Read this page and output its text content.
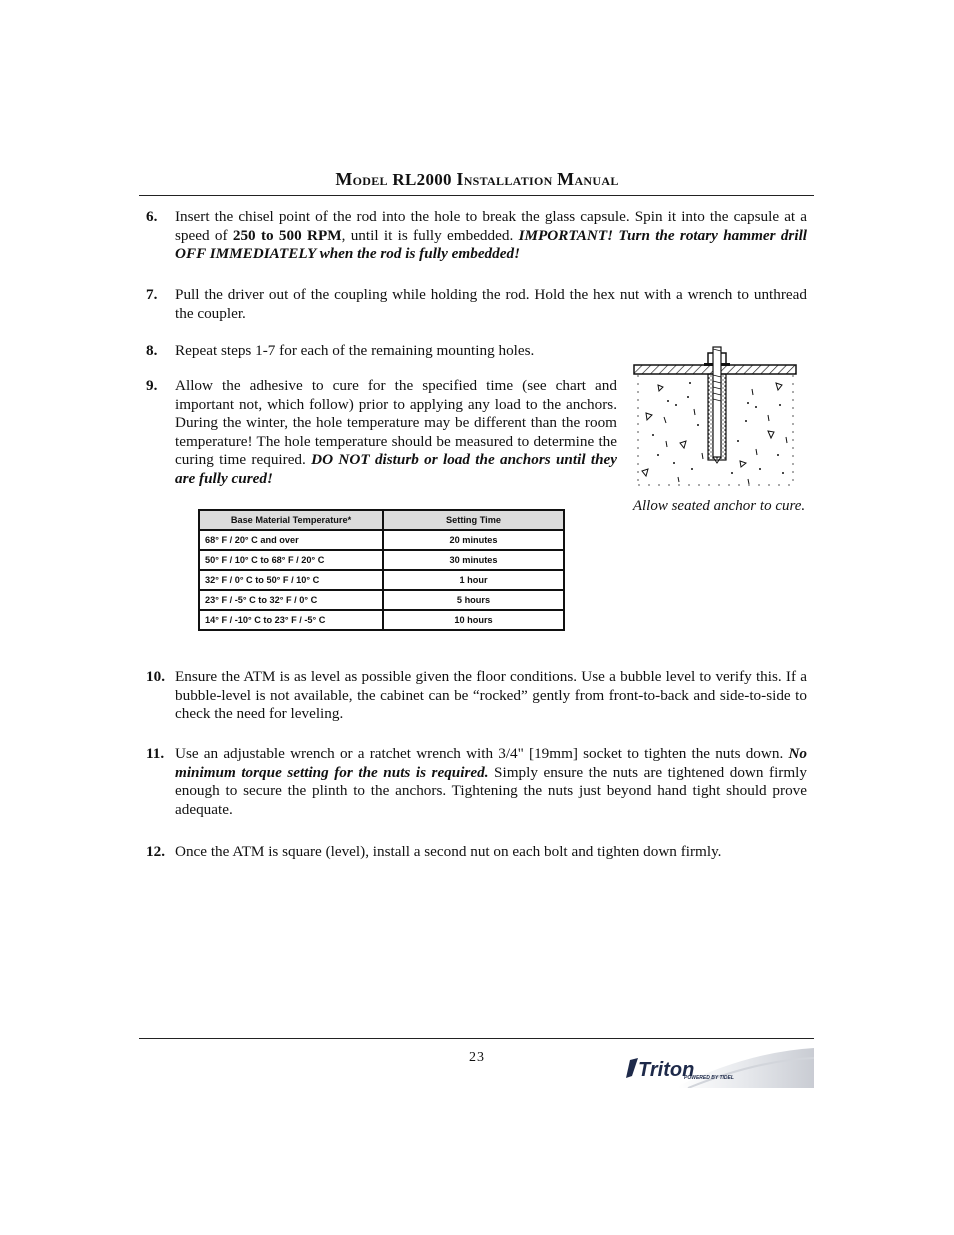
Model RL2000 Installation Manual
6. Insert the chisel point of the rod into the hole to break the glass capsule. Spin it into the capsule at a speed of 250 to 500 RPM, until it is fully embedded. IMPORTANT! Turn the rotary hammer drill OFF IMMEDIATELY when the rod is fully embedded!
7. Pull the driver out of the coupling while holding the rod. Hold the hex nut with a wrench to unthread the coupler.
8. Repeat steps 1-7 for each of the remaining mounting holes.
9. Allow the adhesive to cure for the specified time (see chart and important not, which follow) prior to applying any load to the anchors. During the winter, the hole temperature may be different than the room temperature! The hole temperature should be measured to determine the curing time required. DO NOT disturb or load the anchors until they are fully cured!
10. Ensure the ATM is as level as possible given the floor conditions. Use a bubble level to verify this. If a bubble-level is not available, the cabinet can be “rocked” gently from front-to-back and side-to-side to check the need for leveling.
11. Use an adjustable wrench or a ratchet wrench with 3/4" [19mm] socket to tighten the nuts down. No minimum torque setting for the nuts is required. Simply ensure the nuts are tightened down firmly enough to secure the plinth to the anchors. Tightening the nuts just beyond hand tight should prove adequate.
12. Once the ATM is square (level), install a second nut on each bolt and tighten down firmly.
Allow seated anchor to cure.
Base Material Temperature*	Setting Time
68° F / 20° C and over	20 minutes
50° F / 10° C to 68° F / 20° C	30 minutes
32° F / 0° C to 50° F / 10° C	1 hour
23° F / -5° C to 32° F / 0° C	5 hours
14° F / -10° C to 23° F / -5° C	10 hours
23
Triton
POWERED BY TIDEL
